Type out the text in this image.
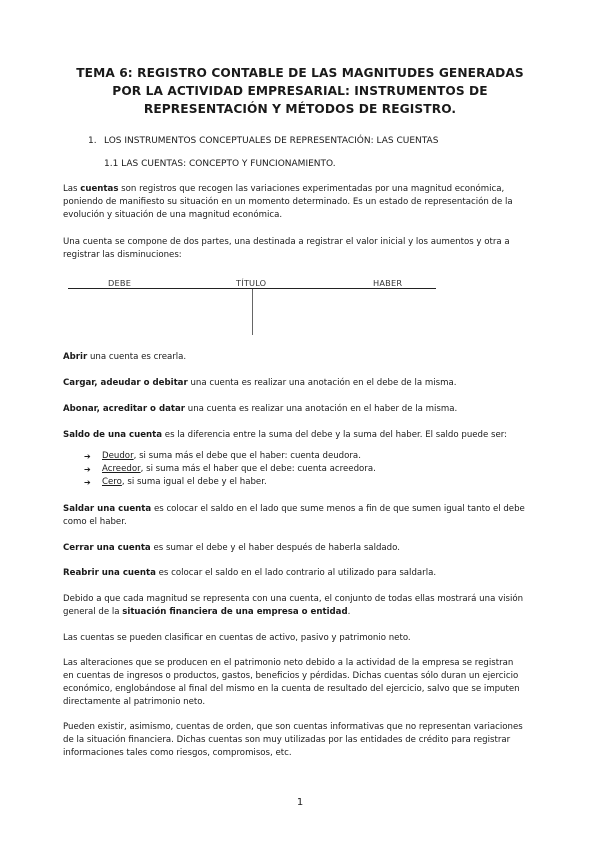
TEMA 6: REGISTRO CONTABLE DE LAS MAGNITUDES GENERADAS
POR LA ACTIVIDAD EMPRESARIAL: INSTRUMENTOS DE
REPRESENTACIÓN Y MÉTODOS DE REGISTRO.
1. LOS INSTRUMENTOS CONCEPTUALES DE REPRESENTACIÓN: LAS CUENTAS
1.1 LAS CUENTAS: CONCEPTO Y FUNCIONAMIENTO.
Las cuentas son registros que recogen las variaciones experimentadas por una magnitud económica,
poniendo de manifiesto su situación en un momento determinado. Es un estado de representación de la
evolución y situación de una magnitud económica.
Una cuenta se compone de dos partes, una destinada a registrar el valor inicial y los aumentos y otra a
registrar las disminuciones:
DEBE	TÍTULO	HABER
Abrir una cuenta es crearla.
Cargar, adeudar o debitar una cuenta es realizar una anotación en el debe de la misma.
Abonar, acreditar o datar una cuenta es realizar una anotación en el haber de la misma.
Saldo de una cuenta es la diferencia entre la suma del debe y la suma del haber. El saldo puede ser:
➔ Deudor, si suma más el debe que el haber: cuenta deudora.
➔ Acreedor, si suma más el haber que el debe: cuenta acreedora.
➔ Cero, si suma igual el debe y el haber.
Saldar una cuenta es colocar el saldo en el lado que sume menos a fin de que sumen igual tanto el debe
como el haber.
Cerrar una cuenta es sumar el debe y el haber después de haberla saldado.
Reabrir una cuenta es colocar el saldo en el lado contrario al utilizado para saldarla.
Debido a que cada magnitud se representa con una cuenta, el conjunto de todas ellas mostrará una visión
general de la situación financiera de una empresa o entidad.
Las cuentas se pueden clasificar en cuentas de activo, pasivo y patrimonio neto.
Las alteraciones que se producen en el patrimonio neto debido a la actividad de la empresa se registran
en cuentas de ingresos o productos, gastos, beneficios y pérdidas. Dichas cuentas sólo duran un ejercicio
económico, englobándose al final del mismo en la cuenta de resultado del ejercicio, salvo que se imputen
directamente al patrimonio neto.
Pueden existir, asimismo, cuentas de orden, que son cuentas informativas que no representan variaciones
de la situación financiera. Dichas cuentas son muy utilizadas por las entidades de crédito para registrar
informaciones tales como riesgos, compromisos, etc.
1
